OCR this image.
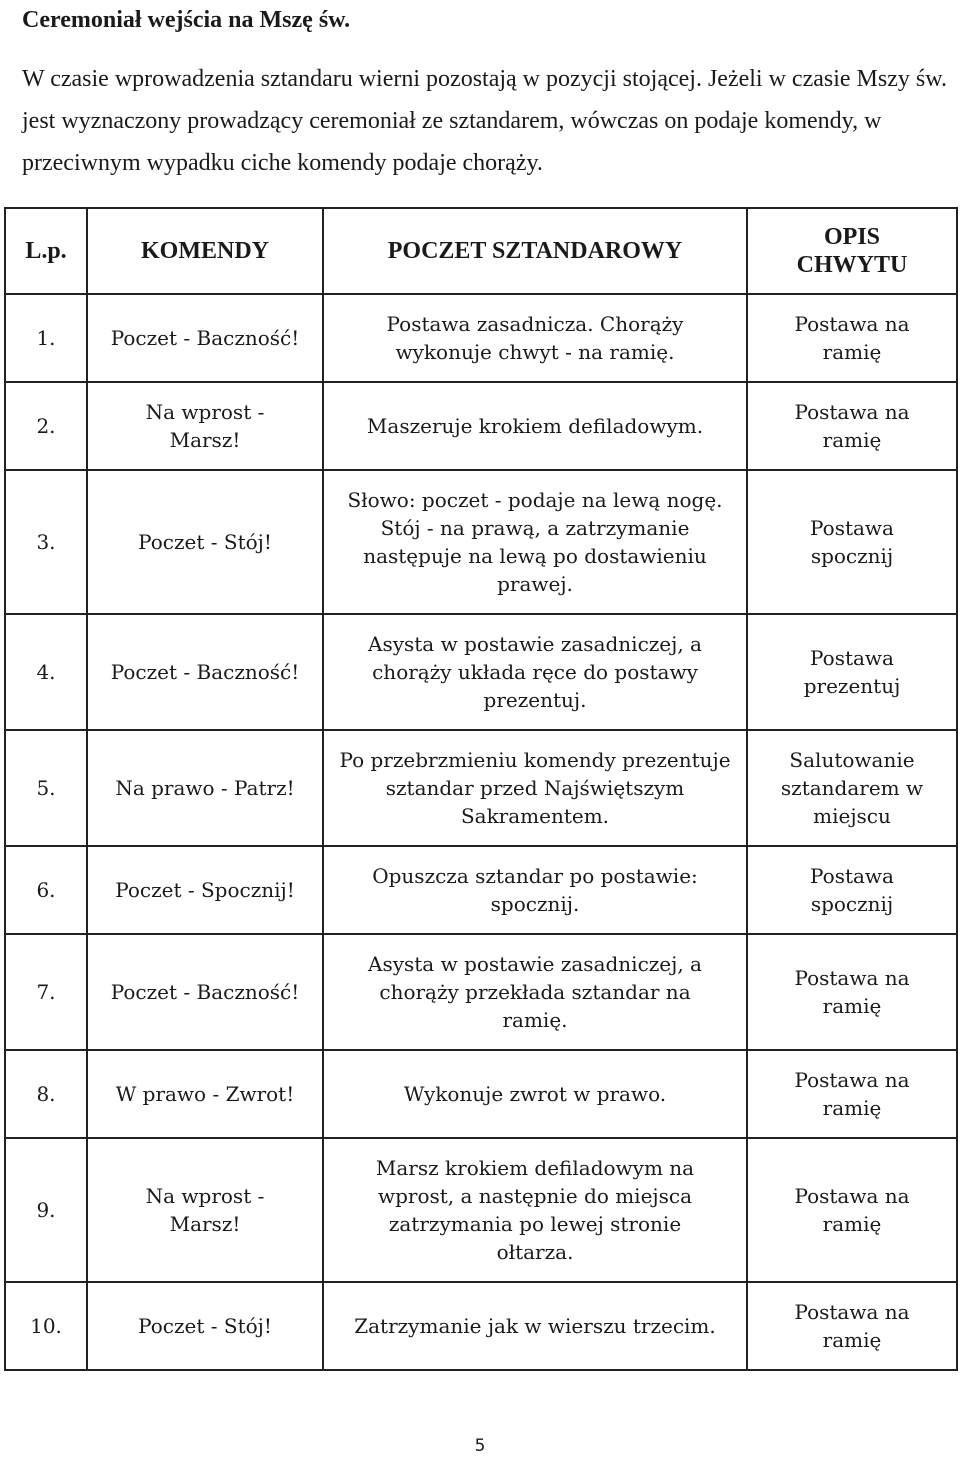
Ceremoniał wejścia na Mszę św.
W czasie wprowadzenia sztandaru wierni pozostają w pozycji stojącej. Jeżeli w czasie Mszy św. jest wyznaczony prowadzący ceremoniał ze sztandarem, wówczas on podaje komendy, w przeciwnym wypadku ciche komendy podaje chorąży.
L.p.	KOMENDY	POCZET SZTANDAROWY	OPIS CHWYTU
1.	Poczet - Baczność!	Postawa zasadnicza. Chorąży wykonuje chwyt - na ramię.	Postawa na ramię
2.	Na wprost - Marsz!	Maszeruje krokiem defiladowym.	Postawa na ramię
3.	Poczet - Stój!	Słowo: poczet - podaje na lewą nogę. Stój - na prawą, a zatrzymanie następuje na lewą po dostawieniu prawej.	Postawa spocznij
4.	Poczet - Baczność!	Asysta w postawie zasadniczej, a chorąży układa ręce do postawy prezentuj.	Postawa prezentuj
5.	Na prawo - Patrz!	Po przebrzmieniu komendy prezentuje sztandar przed Najświętszym Sakramentem.	Salutowanie sztandarem w miejscu
6.	Poczet - Spocznij!	Opuszcza sztandar po postawie: spocznij.	Postawa spocznij
7.	Poczet - Baczność!	Asysta w postawie zasadniczej, a chorąży przekłada sztandar na ramię.	Postawa na ramię
8.	W prawo - Zwrot!	Wykonuje zwrot w prawo.	Postawa na ramię
9.	Na wprost - Marsz!	Marsz krokiem defiladowym na wprost, a następnie do miejsca zatrzymania po lewej stronie ołtarza.	Postawa na ramię
10.	Poczet - Stój!	Zatrzymanie jak w wierszu trzecim.	Postawa na ramię
5
